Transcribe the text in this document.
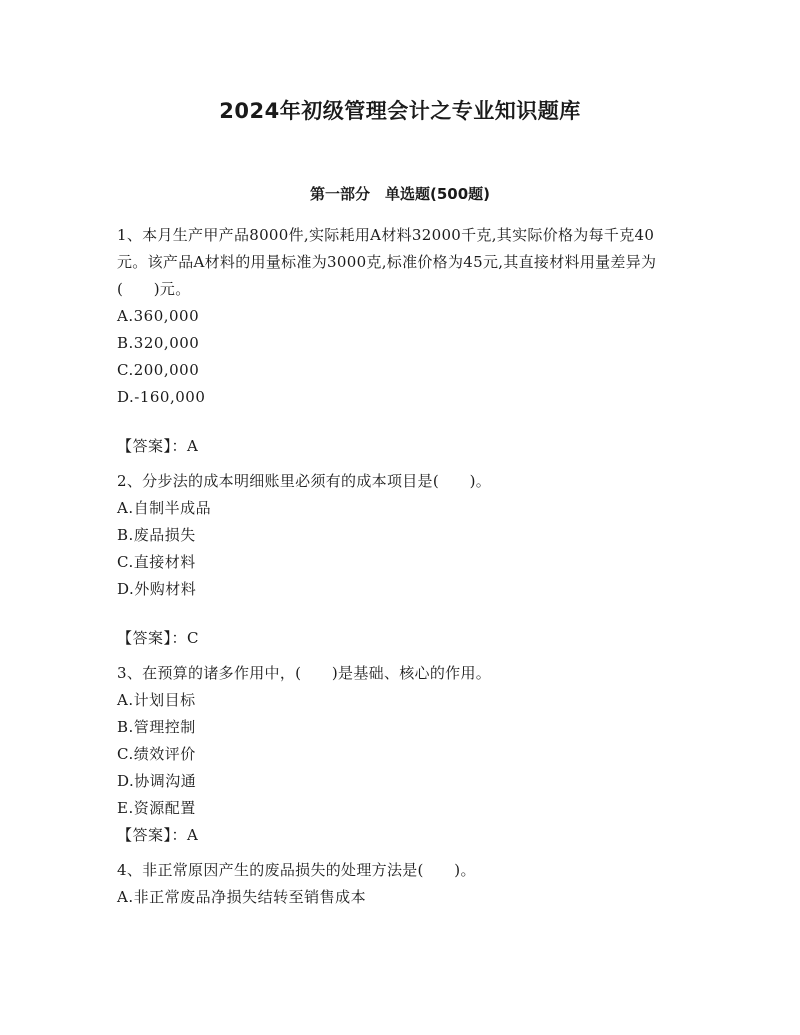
2024年初级管理会计之专业知识题库
第一部分　单选题(500题)

1、本月生产甲产品8000件,实际耗用A材料32000千克,其实际价格为每千克40元。该产品A材料的用量标准为3000克,标准价格为45元,其直接材料用量差异为(　　)元。

A.360,000

B.320,000

C.200,000

D.-160,000

【答案】：A

2、分步法的成本明细账里必须有的成本项目是(　　)。

A.自制半成品

B.废品损失

C.直接材料

D.外购材料

【答案】：C

3、在预算的诸多作用中，(　　)是基础、核心的作用。

A.计划目标

B.管理控制

C.绩效评价

D.协调沟通

E.资源配置

【答案】：A

4、非正常原因产生的废品损失的处理方法是(　　)。

A.非正常废品净损失结转至销售成本
